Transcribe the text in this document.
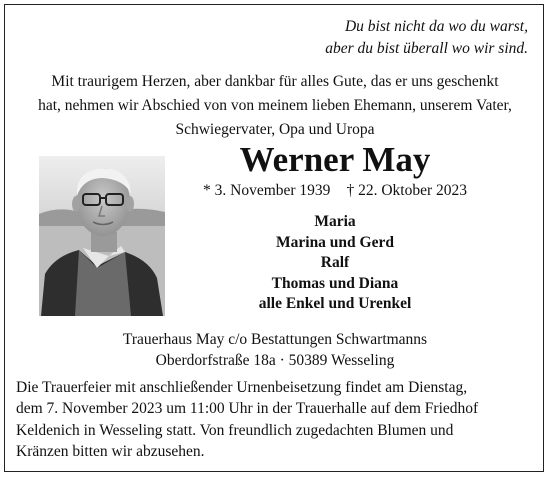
Du bist nicht da wo du warst,
aber du bist überall wo wir sind.
Mit traurigem Herzen, aber dankbar für alles Gute, das er uns geschenkt
hat, nehmen wir Abschied von von meinem lieben Ehemann, unserem Vater,
Schwiegervater, Opa und Uropa
Werner May
* 3. November 1939 † 22. Oktober 2023
Maria
Marina und Gerd
Ralf
Thomas und Diana
alle Enkel und Urenkel
Trauerhaus May c/o Bestattungen Schwartmanns
Oberdorfstraße 18a · 50389 Wesseling
Die Trauerfeier mit anschließender Urnenbeisetzung findet am Dienstag,
dem 7. November 2023 um 11:00 Uhr in der Trauerhalle auf dem Friedhof
Keldenich in Wesseling statt. Von freundlich zugedachten Blumen und
Kränzen bitten wir abzusehen.
